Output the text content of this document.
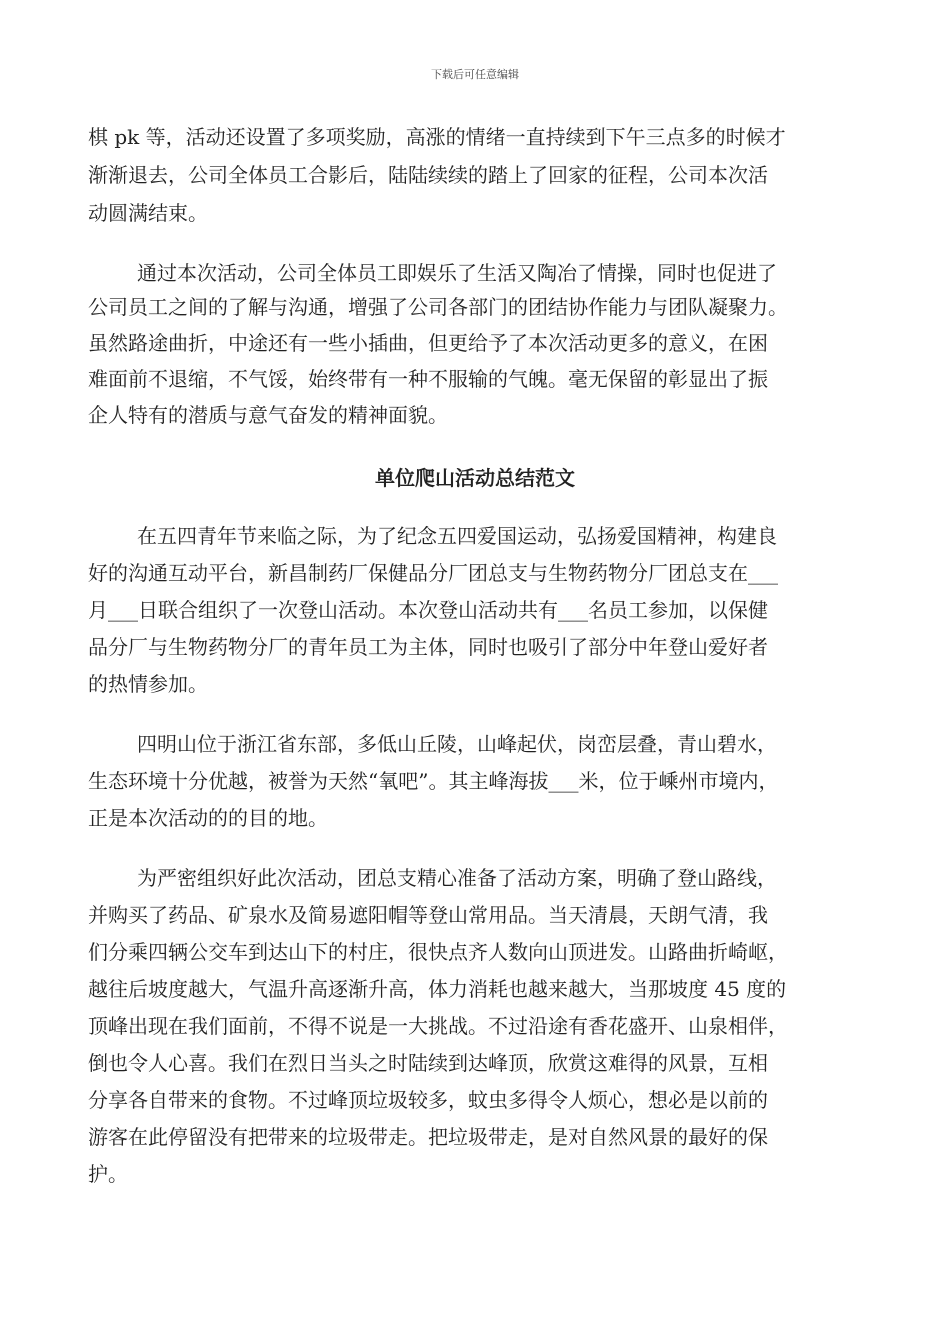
下载后可任意编辑
棋 pk 等，活动还设置了多项奖励，高涨的情绪一直持续到下午三点多的时候才
渐渐退去，公司全体员工合影后，陆陆续续的踏上了回家的征程，公司本次活
动圆满结束。
通过本次活动，公司全体员工即娱乐了生活又陶冶了情操，同时也促进了
公司员工之间的了解与沟通，增强了公司各部门的团结协作能力与团队凝聚力。
虽然路途曲折，中途还有一些小插曲，但更给予了本次活动更多的意义，在困
难面前不退缩，不气馁，始终带有一种不服输的气魄。毫无保留的彰显出了振
企人特有的潜质与意气奋发的精神面貌。
单位爬山活动总结范文
在五四青年节来临之际，为了纪念五四爱国运动，弘扬爱国精神，构建良
好的沟通互动平台，新昌制药厂保健品分厂团总支与生物药物分厂团总支在___
月___日联合组织了一次登山活动。本次登山活动共有___名员工参加，以保健
品分厂与生物药物分厂的青年员工为主体，同时也吸引了部分中年登山爱好者
的热情参加。
四明山位于浙江省东部，多低山丘陵，山峰起伏，岗峦层叠，青山碧水，
生态环境十分优越，被誉为天然“氧吧”。其主峰海拔___米，位于嵊州市境内，
正是本次活动的的目的地。
为严密组织好此次活动，团总支精心准备了活动方案，明确了登山路线，
并购买了药品、矿泉水及简易遮阳帽等登山常用品。当天清晨，天朗气清，我
们分乘四辆公交车到达山下的村庄，很快点齐人数向山顶进发。山路曲折崎岖，
越往后坡度越大，气温升高逐渐升高，体力消耗也越来越大，当那坡度 45 度的
顶峰出现在我们面前，不得不说是一大挑战。不过沿途有香花盛开、山泉相伴，
倒也令人心喜。我们在烈日当头之时陆续到达峰顶，欣赏这难得的风景，互相
分享各自带来的食物。不过峰顶垃圾较多，蚊虫多得令人烦心，想必是以前的
游客在此停留没有把带来的垃圾带走。把垃圾带走，是对自然风景的最好的保
护。
